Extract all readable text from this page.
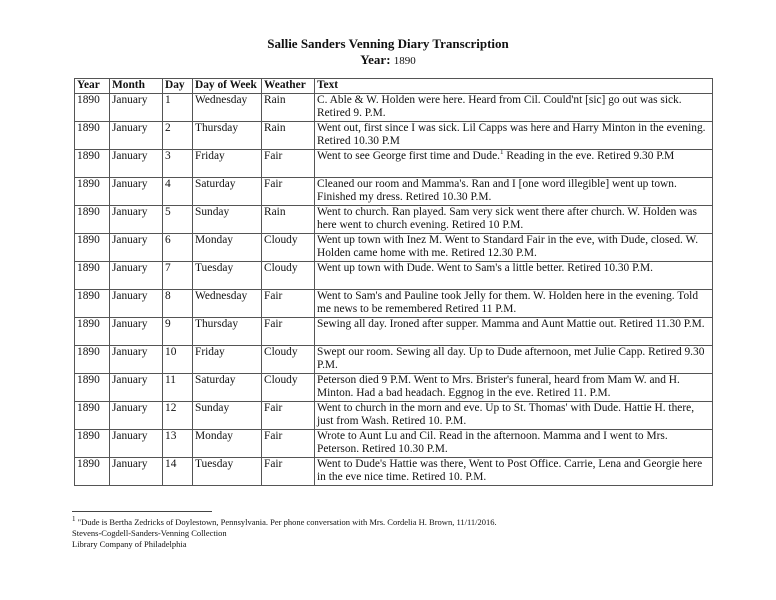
Sallie Sanders Venning Diary Transcription
Year: 1890
Year	Month	Day	Day of Week	Weather	Text
1890	January	1	Wednesday	Rain	C. Able & W. Holden were here. Heard from Cil. Could'nt [sic] go out was sick. Retired 9. P.M.
1890	January	2	Thursday	Rain	Went out, first since I was sick. Lil Capps was here and Harry Minton in the evening. Retired 10.30 P.M
1890	January	3	Friday	Fair	Went to see George first time and Dude.$^1$ Reading in the eve. Retired 9.30 P.M
1890	January	4	Saturday	Fair	Cleaned our room and Mamma's. Ran and I [one word illegible] went up town. Finished my dress. Retired 10.30 P.M.
1890	January	5	Sunday	Rain	Went to church. Ran played. Sam very sick went there after church. W. Holden was here went to church evening. Retired 10 P.M.
1890	January	6	Monday	Cloudy	Went up town with Inez M. Went to Standard Fair in the eve, with Dude, closed. W. Holden came home with me. Retired 12.30 P.M.
1890	January	7	Tuesday	Cloudy	Went up town with Dude. Went to Sam's a little better. Retired 10.30 P.M.
1890	January	8	Wednesday	Fair	Went to Sam's and Pauline took Jelly for them. W. Holden here in the evening. Told me news to be remembered Retired 11 P.M.
1890	January	9	Thursday	Fair	Sewing all day. Ironed after supper. Mamma and Aunt Mattie out. Retired 11.30 P.M.
1890	January	10	Friday	Cloudy	Swept our room. Sewing all day. Up to Dude afternoon, met Julie Capp. Retired 9.30 P.M.
1890	January	11	Saturday	Cloudy	Peterson died 9 P.M. Went to Mrs. Brister's funeral, heard from Mam W. and H. Minton. Had a bad headach. Eggnog in the eve. Retired 11. P.M.
1890	January	12	Sunday	Fair	Went to church in the morn and eve. Up to St. Thomas' with Dude. Hattie H. there, just from Wash. Retired 10. P.M.
1890	January	13	Monday	Fair	Wrote to Aunt Lu and Cil. Read in the afternoon. Mamma and I went to Mrs. Peterson. Retired 10.30 P.M.
1890	January	14	Tuesday	Fair	Went to Dude's Hattie was there, Went to Post Office. Carrie, Lena and Georgie here in the eve nice time. Retired 10. P.M.
$^1$ "Dude is Bertha Zedricks of Doylestown, Pennsylvania. Per phone conversation with Mrs. Cordelia H. Brown, 11/11/2016.
Stevens-Cogdell-Sanders-Venning Collection
Library Company of Philadelphia
